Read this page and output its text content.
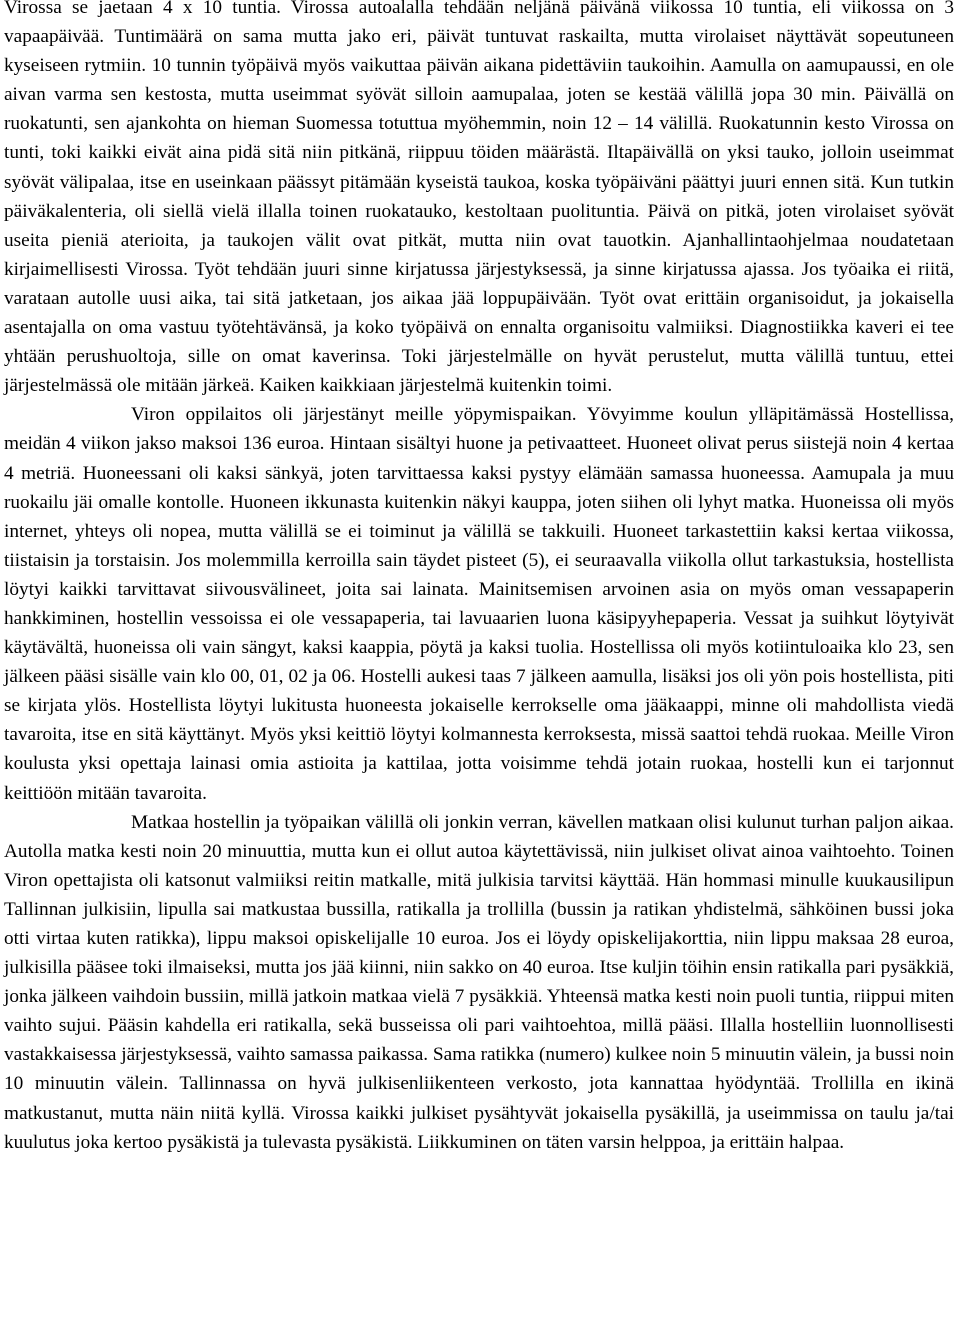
Virossa se jaetaan 4 x 10 tuntia. Virossa autoalalla tehdään neljänä päivänä viikossa 10 tuntia, eli viikossa on 3 vapaapäivää. Tuntimäärä on sama mutta jako eri, päivät tuntuvat raskailta, mutta virolaiset näyttävät sopeutuneen kyseiseen rytmiin. 10 tunnin työpäivä myös vaikuttaa päivän aikana pidettäviin taukoihin. Aamulla on aamupaussi, en ole aivan varma sen kestosta, mutta useimmat syövät silloin aamupalaa, joten se kestää välillä jopa 30 min. Päivällä on ruokatunti, sen ajankohta on hieman Suomessa totuttua myöhemmin, noin 12 – 14 välillä. Ruokatunnin kesto Virossa on tunti, toki kaikki eivät aina pidä sitä niin pitkänä, riippuu töiden määrästä. Iltapäivällä on yksi tauko, jolloin useimmat syövät välipalaa, itse en useinkaan päässyt pitämään kyseistä taukoa, koska työpäiväni päättyi juuri ennen sitä. Kun tutkin päiväkalenteria, oli siellä vielä illalla toinen ruokatauko, kestoltaan puolituntia. Päivä on pitkä, joten virolaiset syövät useita pieniä aterioita, ja taukojen välit ovat pitkät, mutta niin ovat tauotkin. Ajanhallintaohjelmaa noudatetaan kirjaimellisesti Virossa. Työt tehdään juuri sinne kirjatussa järjestyksessä, ja sinne kirjatussa ajassa. Jos työaika ei riitä, varataan autolle uusi aika, tai sitä jatketaan, jos aikaa jää loppupäivään. Työt ovat erittäin organisoidut, ja jokaisella asentajalla on oma vastuu työtehtävänsä, ja koko työpäivä on ennalta organisoitu valmiiksi. Diagnostiikka kaveri ei tee yhtään perushuoltoja, sille on omat kaverinsa. Toki järjestelmälle on hyvät perustelut, mutta välillä tuntuu, ettei järjestelmässä ole mitään järkeä. Kaiken kaikkiaan järjestelmä kuitenkin toimi.

Viron oppilaitos oli järjestänyt meille yöpymispaikan. Yövyimme koulun ylläpitämässä Hostellissa, meidän 4 viikon jakso maksoi 136 euroa. Hintaan sisältyi huone ja petivaatteet. Huoneet olivat perus siistejä noin 4 kertaa 4 metriä. Huoneessani oli kaksi sänkyä, joten tarvittaessa kaksi pystyy elämään samassa huoneessa. Aamupala ja muu ruokailu jäi omalle kontolle. Huoneen ikkunasta kuitenkin näkyi kauppa, joten siihen oli lyhyt matka. Huoneissa oli myös internet, yhteys oli nopea, mutta välillä se ei toiminut ja välillä se takkuili. Huoneet tarkastettiin kaksi kertaa viikossa, tiistaisin ja torstaisin. Jos molemmilla kerroilla sain täydet pisteet (5), ei seuraavalla viikolla ollut tarkastuksia, hostellista löytyi kaikki tarvittavat siivousvälineet, joita sai lainata. Mainitsemisen arvoinen asia on myös oman vessapaperin hankkiminen, hostellin vessoissa ei ole vessapaperia, tai lavuaarien luona käsipyyhepaperia. Vessat ja suihkut löytyivät käytävältä, huoneissa oli vain sängyt, kaksi kaappia, pöytä ja kaksi tuolia. Hostellissa oli myös kotiintuloaika klo 23, sen jälkeen pääsi sisälle vain klo 00, 01, 02 ja 06. Hostelli aukesi taas 7 jälkeen aamulla, lisäksi jos oli yön pois hostellista, piti se kirjata ylös. Hostellista löytyi lukitusta huoneesta jokaiselle kerrokselle oma jääkaappi, minne oli mahdollista viedä tavaroita, itse en sitä käyttänyt. Myös yksi keittiö löytyi kolmannesta kerroksesta, missä saattoi tehdä ruokaa. Meille Viron koulusta yksi opettaja lainasi omia astioita ja kattilaa, jotta voisimme tehdä jotain ruokaa, hostelli kun ei tarjonnut keittiöön mitään tavaroita.

Matkaa hostellin ja työpaikan välillä oli jonkin verran, kävellen matkaan olisi kulunut turhan paljon aikaa. Autolla matka kesti noin 20 minuuttia, mutta kun ei ollut autoa käytettävissä, niin julkiset olivat ainoa vaihtoehto. Toinen Viron opettajista oli katsonut valmiiksi reitin matkalle, mitä julkisia tarvitsi käyttää. Hän hommasi minulle kuukausilipun Tallinnan julkisiin, lipulla sai matkustaa bussilla, ratikalla ja trollilla (bussin ja ratikan yhdistelmä, sähköinen bussi joka otti virtaa kuten ratikka), lippu maksoi opiskelijalle 10 euroa. Jos ei löydy opiskelijakorttia, niin lippu maksaa 28 euroa, julkisilla pääsee toki ilmaiseksi, mutta jos jää kiinni, niin sakko on 40 euroa. Itse kuljin töihin ensin ratikalla pari pysäkkiä, jonka jälkeen vaihdoin bussiin, millä jatkoin matkaa vielä 7 pysäkkiä. Yhteensä matka kesti noin puoli tuntia, riippui miten vaihto sujui. Pääsin kahdella eri ratikalla, sekä busseissa oli pari vaihtoehtoa, millä pääsi. Illalla hostelliin luonnollisesti vastakkaisessa järjestyksessä, vaihto samassa paikassa. Sama ratikka (numero) kulkee noin 5 minuutin välein, ja bussi noin 10 minuutin välein. Tallinnassa on hyvä julkisenliikenteen verkosto, jota kannattaa hyödyntää. Trollilla en ikinä matkustanut, mutta näin niitä kyllä. Virossa kaikki julkiset pysähtyvät jokaisella pysäkillä, ja useimmissa on taulu ja/tai kuulutus joka kertoo pysäkistä ja tulevasta pysäkistä. Liikkuminen on täten varsin helppoa, ja erittäin halpaa.
